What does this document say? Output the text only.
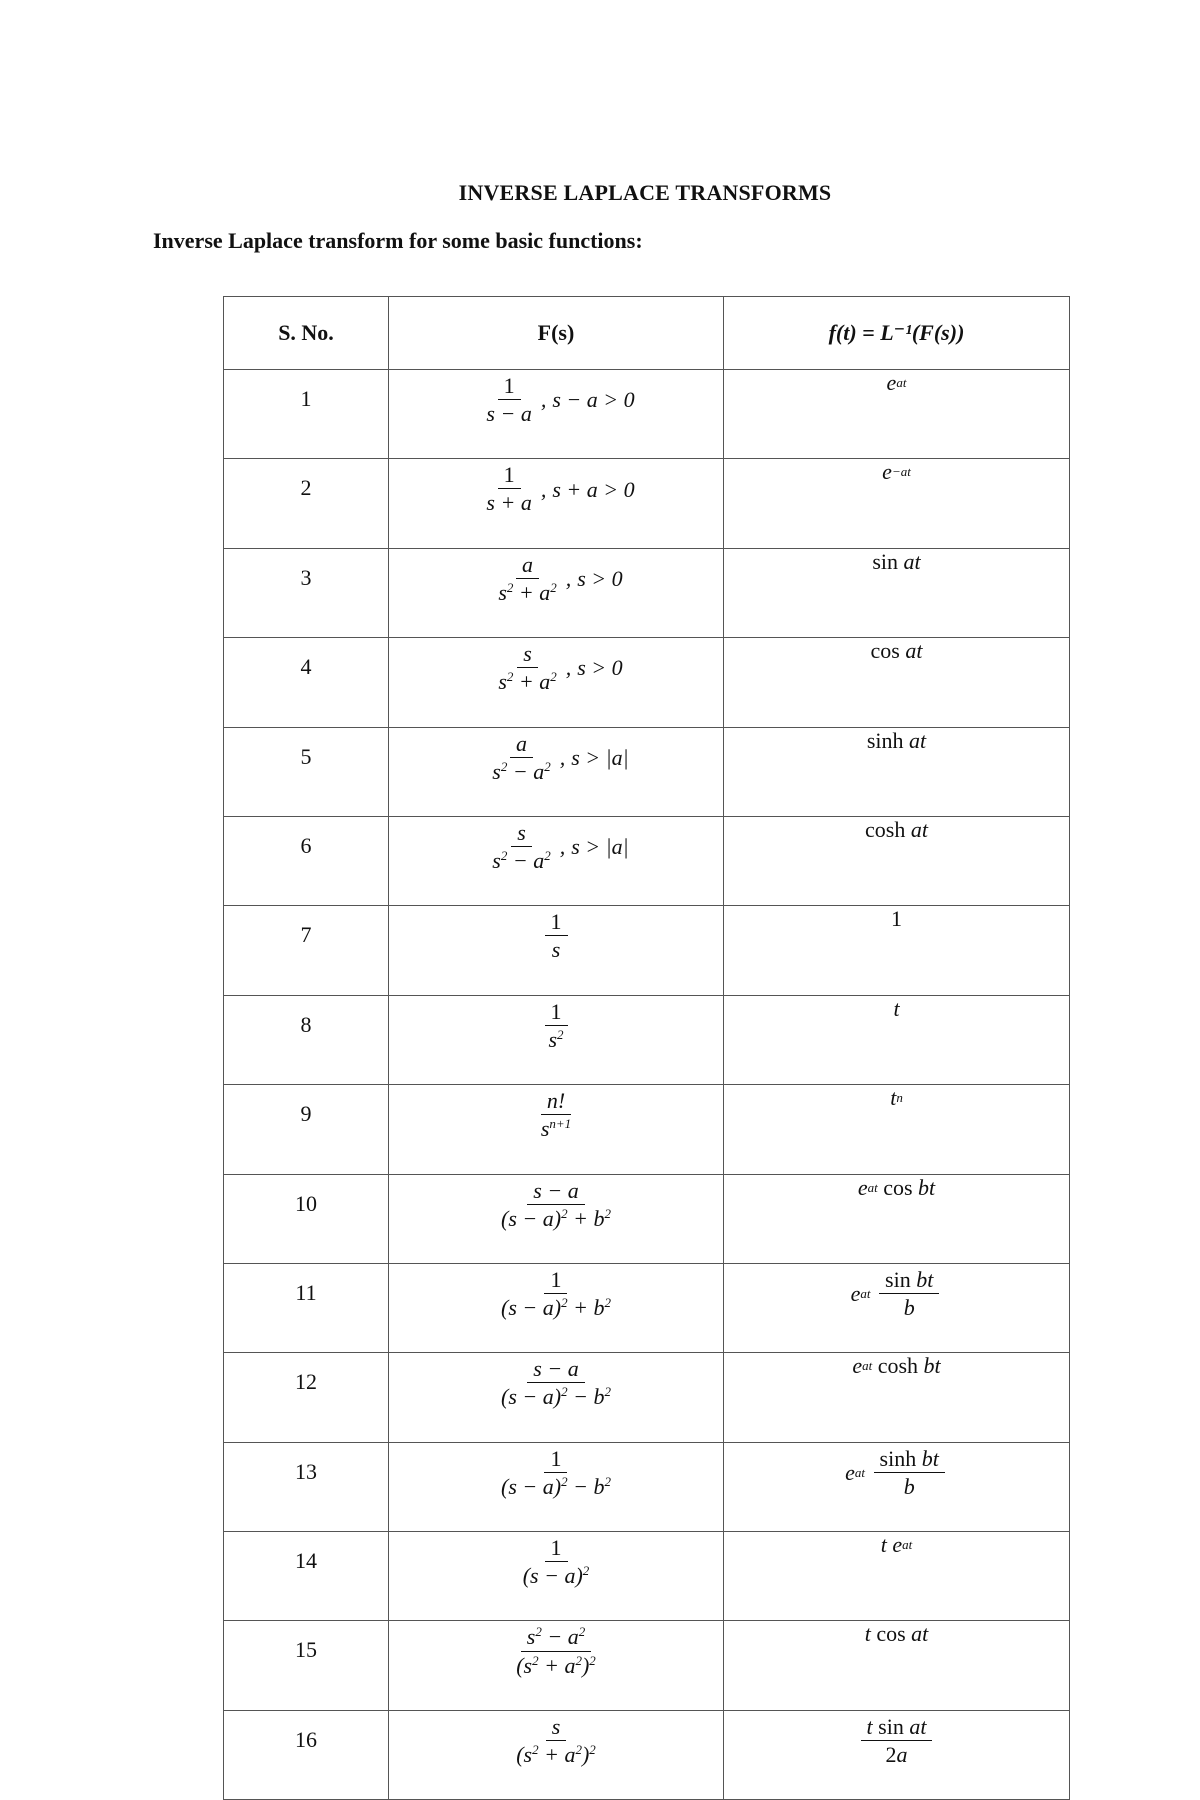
INVERSE LAPLACE TRANSFORMS
Inverse Laplace transform for some basic functions:
S. No.	F(s)	f(t) = L⁻¹(F(s))
1	$\frac{1}{s - a}$ , s − a > 0	e at

2	$\frac{1}{s + a}$ , s + a > 0	e −at

3	$\frac{a}{s^2 + a^2}$ , s > 0	sin at
4	$\frac{s}{s^2 + a^2}$ , s > 0	cos at
5	$\frac{a}{s^2 - a^2}$ , s > |a|	sinh at
6	$\frac{s}{s^2 - a^2}$ , s > |a|	cosh at
7	$\frac{1}{s}$	1

8	$\frac{1}{s^2}$	t
9	$\frac{n!}{s^{n+1}}$	t n

10	$\frac{s - a}{(s - a)^2 + b^2}$	e at
cos bt
11	$\frac{1}{(s - a)^2 + b^2}$	e at
$\frac{\text{sin bt}}{b}$

12	$\frac{s - a}{(s - a)^2 - b^2}$	e at
cosh bt
13	$\frac{1}{(s - a)^2 - b^2}$	e at
$\frac{\text{sinh bt}}{b}$

14	$\frac{1}{(s - a)^2}$	t e at

15	$\frac{s^2 - a^2}{(s^2 + a^2)^2}$	t cos at
16	$\frac{s}{(s^2 + a^2)^2}$	$\frac{\text{t sin at}}{2a}$
